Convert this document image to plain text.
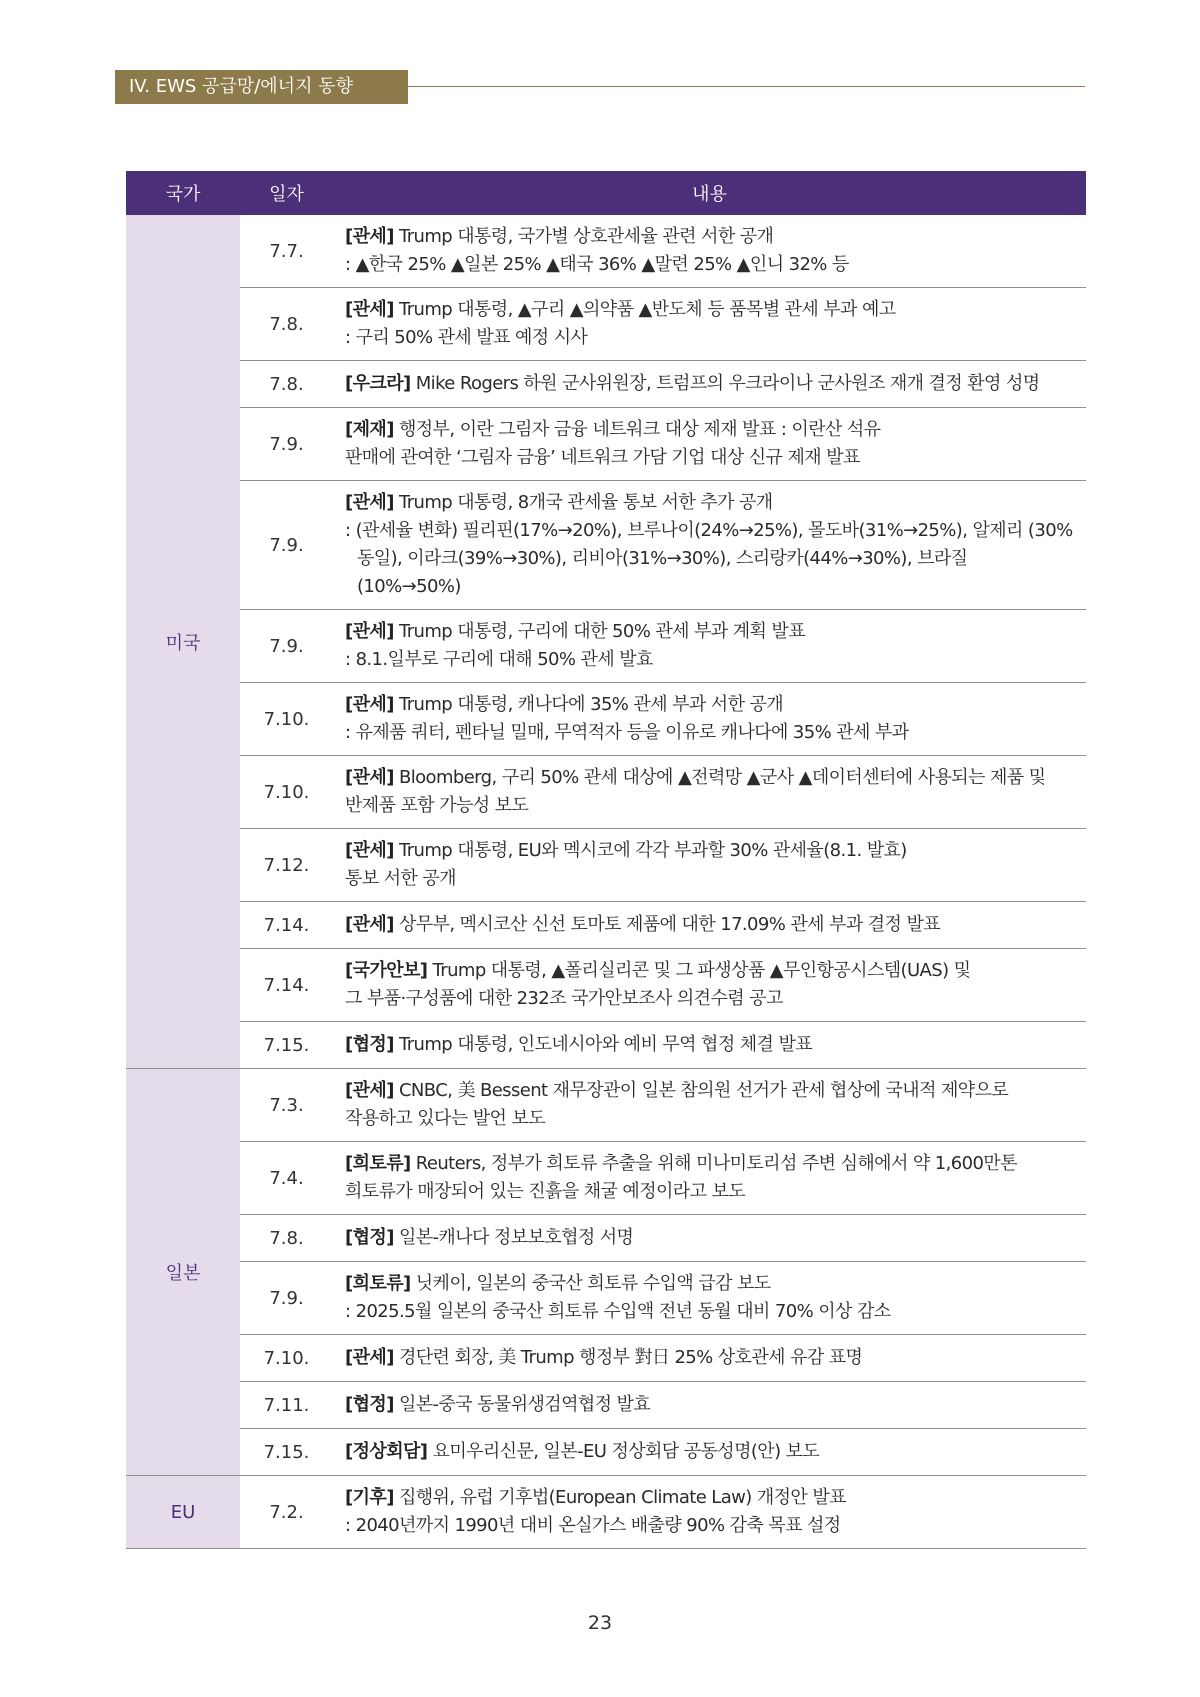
IV. EWS 공급망/에너지 동향
국가	일자	내용
미국	7.7.	[관세] Trump 대통령, 국가별 상호관세율 관련 서한 공개
: ▲한국 25% ▲일본 25% ▲태국 36% ▲말련 25% ▲인니 32% 등

	7.8.	[관세] Trump 대통령, ▲구리 ▲의약품 ▲반도체 등 품목별 관세 부과 예고
: 구리 50% 관세 발표 예정 시사

	7.8.	[우크라] Mike Rogers 하원 군사위원장, 트럼프의 우크라이나 군사원조 재개 결정 환영 성명

	7.9.	[제재] 행정부, 이란 그림자 금융 네트워크 대상 제재 발표 : 이란산 석유
판매에 관여한 ‘그림자 금융’ 네트워크 가담 기업 대상 신규 제재 발표

	7.9.	[관세] Trump 대통령, 8개국 관세율 통보 서한 추가 공개
: (관세율 변화) 필리핀(17%→20%), 브루나이(24%→25%), 몰도바(31%→25%), 알제리 (30% 동일), 이라크(39%→30%), 리비아(31%→30%), 스리랑카(44%→30%), 브라질 (10%→50%)

	7.9.	[관세] Trump 대통령, 구리에 대한 50% 관세 부과 계획 발표
: 8.1.일부로 구리에 대해 50% 관세 발효

	7.10.	[관세] Trump 대통령, 캐나다에 35% 관세 부과 서한 공개
: 유제품 쿼터, 펜타닐 밀매, 무역적자 등을 이유로 캐나다에 35% 관세 부과

	7.10.	[관세] Bloomberg, 구리 50% 관세 대상에 ▲전력망 ▲군사 ▲데이터센터에 사용되는 제품 및
반제품 포함 가능성 보도

	7.12.	[관세] Trump 대통령, EU와 멕시코에 각각 부과할 30% 관세율(8.1. 발효)
통보 서한 공개

	7.14.	[관세] 상무부, 멕시코산 신선 토마토 제품에 대한 17.09% 관세 부과 결정 발표

	7.14.	[국가안보] Trump 대통령, ▲폴리실리콘 및 그 파생상품 ▲무인항공시스템(UAS) 및
그 부품·구성품에 대한 232조 국가안보조사 의견수렴 공고

	7.15.	[협정] Trump 대통령, 인도네시아와 예비 무역 협정 체결 발표

일본	7.3.	[관세] CNBC, 美 Bessent 재무장관이 일본 참의원 선거가 관세 협상에 국내적 제약으로
작용하고 있다는 발언 보도

	7.4.	[희토류] Reuters, 정부가 희토류 추출을 위해 미나미토리섬 주변 심해에서 약 1,600만톤
희토류가 매장되어 있는 진흙을 채굴 예정이라고 보도

	7.8.	[협정] 일본-캐나다 정보보호협정 서명

	7.9.	[희토류] 닛케이, 일본의 중국산 희토류 수입액 급감 보도
: 2025.5월 일본의 중국산 희토류 수입액 전년 동월 대비 70% 이상 감소

	7.10.	[관세] 경단련 회장, 美 Trump 행정부 對日 25% 상호관세 유감 표명

	7.11.	[협정] 일본-중국 동물위생검역협정 발효

	7.15.	[정상회담] 요미우리신문, 일본-EU 정상회담 공동성명(안) 보도

EU	7.2.	[기후] 집행위, 유럽 기후법(European Climate Law) 개정안 발표
: 2040년까지 1990년 대비 온실가스 배출량 90% 감축 목표 설정
23
